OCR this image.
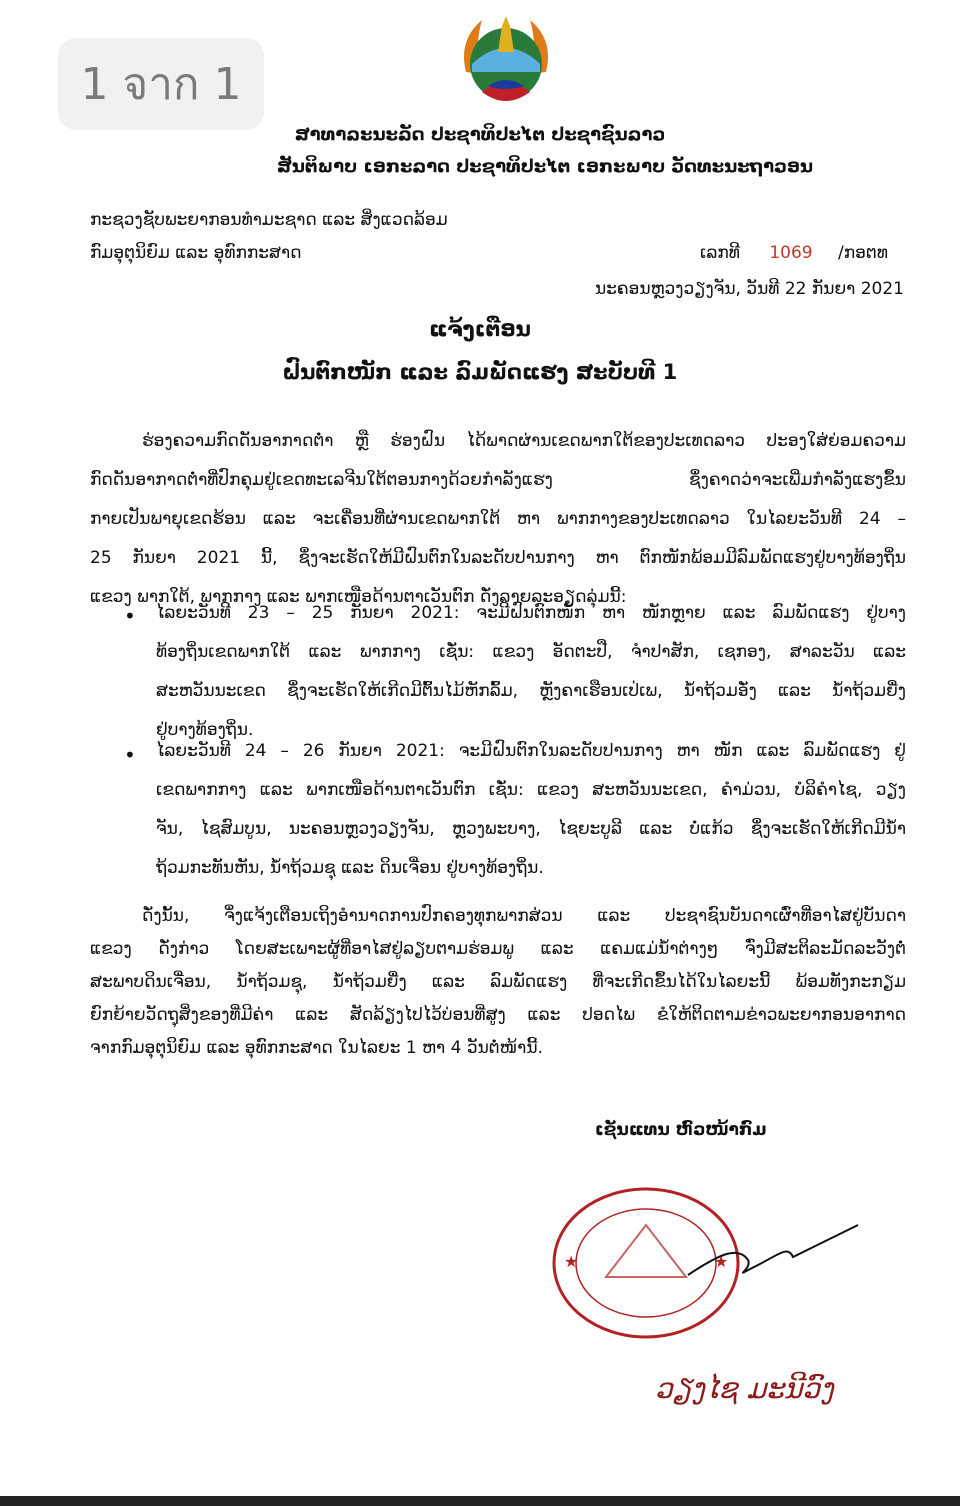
1 จาก 1
ສາທາລະນະລັດ ປະຊາທິປະໄຕ ປະຊາຊົນລາວ
ສັນຕິພາບ ເອກະລາດ ປະຊາທິປະໄຕ ເອກະພາບ ວັດທະນະຖາວອນ
ກະຊວງຊັບພະຍາກອນທຳມະຊາດ ແລະ ສິ່ງແວດລ້ອມ
ກົມອຸຕຸນິຍົມ ແລະ ອຸທົກກະສາດ	ເລກທີ 1069 /ກອຕທ
ນະຄອນຫຼວງວຽງຈັນ, ວັນທີ 22 ກັນຍາ 2021
ແຈ້ງເຕືອນ
ຝົນຕົກໜັກ ແລະ ລົມພັດແຮງ ສະບັບທີ 1
ຮ່ອງຄວາມກົດດັນອາກາດຕ່ຳ ຫຼື ຮ່ອງຝົນ ໄດ້ພາດຜ່ານເຂດພາກໃຕ້ຂອງປະເທດລາວ ປະອງໃສ່ຍ່ອມຄວາມ
ກົດດັນອາກາດຕ່ຳທີ່ປົກຄຸມຢູ່ເຂດທະເລຈີນໃຕ້ຕອນກາງດ້ວຍກຳລັງແຮງ ຊຶ່ງຄາດວ່າຈະເພີ່ມກຳລັງແຮງຂຶ້ນ
ກາຍເປັນພາຍຸເຂດຮ້ອນ ແລະ ຈະເຄື່ອນທີ່ຜ່ານເຂດພາກໃຕ້ ຫາ ພາກກາງຂອງປະເທດລາວ ໃນໄລຍະວັນທີ 24 –
25 ກັນຍາ 2021 ນີ້, ຊຶ່ງຈະເຮັດໃຫ້ມີຝົນຕົກໃນລະດັບປານກາງ ຫາ ຕົກໜັກພ້ອມມີລົມພັດແຮງຢູ່ບາງທ້ອງຖິ່ນ
ແຂວງ ພາກໃຕ້, ພາກກາງ ແລະ ພາກເໜືອດ້ານຕາເວັນຕົກ ດັ່ງລາຍລະອຽດລຸ່ມນີ້:
• ໄລຍະວັນທີ 23 – 25 ກັນຍາ 2021: ຈະມີຝົນຕົກໜັກ ຫາ ໜັກຫຼາຍ ແລະ ລົມພັດແຮງ ຢູ່ບາງ
ທ້ອງຖິ່ນເຂດພາກໃຕ້ ແລະ ພາກກາງ ເຊັ່ນ: ແຂວງ ອັດຕະປື, ຈຳປາສັກ, ເຊກອງ, ສາລະວັນ ແລະ
ສະຫວັນນະເຂດ ຊຶ່ງຈະເຮັດໃຫ້ເກີດມີຕົ້ນໄມ້ຫັກລົ້ມ, ຫຼັງຄາເຮືອນເປ່ເພ, ນ້ຳຖ້ວມອັ່ງ ແລະ ນ້ຳຖ້ວມຍື່ງ
ຢູ່ບາງທ້ອງຖິ່ນ.
• ໄລຍະວັນທີ 24 – 26 ກັນຍາ 2021: ຈະມີຝົນຕົກໃນລະດັບປານກາງ ຫາ ໜັກ ແລະ ລົມພັດແຮງ ຢູ່
ເຂດພາກກາງ ແລະ ພາກເໜືອດ້ານຕາເວັນຕົກ ເຊັ່ນ: ແຂວງ ສະຫວັນນະເຂດ, ຄຳມ່ວນ, ບໍລິຄຳໄຊ, ວຽງ
ຈັນ, ໄຊສົມບູນ, ນະຄອນຫຼວງວຽງຈັນ, ຫຼວງພະບາງ, ໄຊຍະບູລີ ແລະ ບໍ່ແກ້ວ ຊຶ່ງຈະເຮັດໃຫ້ເກີດມີນ້ຳ
ຖ້ວມກະທັນຫັນ, ນ້ຳຖ້ວມຊຸ ແລະ ດິນເຈື່ອນ ຢູ່ບາງທ້ອງຖິ່ນ.
ດັ່ງນັ້ນ, ຈຶ່ງແຈ້ງເຕືອນເຖິງອຳນາດການປົກຄອງທຸກພາກສ່ວນ ແລະ ປະຊາຊົນບັນດາເຜົ່າທີ່ອາໄສຢູ່ບັນດາ
ແຂວງ ດັ່ງກ່າວ ໂດຍສະເພາະຜູ້ທີ່ອາໄສຢູ່ລຽບຕາມຮ່ອມພູ ແລະ ແຄມແມ່ນ້ຳຕ່າງໆ ຈົ່ງມີສະຕິລະມັດລະວັງຕໍ່
ສະພາບດິນເຈື່ອນ, ນ້ຳຖ້ວມຊຸ, ນ້ຳຖ້ວມຍື່ງ ແລະ ລົມພັດແຮງ ທີ່ຈະເກີດຂຶ້ນໄດ້ໃນໄລຍະນີ້ ພ້ອມທັງກະກຽມ
ຍົກຍ້າຍວັດຖຸສິ່ງຂອງທີ່ມີຄ່າ ແລະ ສັດລ້ຽງໄປໄວ້ບ່ອນທີ່ສູງ ແລະ ປອດໄພ ຂໍໃຫ້ຕິດຕາມຂ່າວພະຍາກອນອາກາດ
ຈາກກົມອຸຕຸນິຍົມ ແລະ ອຸທົກກະສາດ ໃນໄລຍະ 1 ຫາ 4 ວັນຕໍ່ໜ້ານີ້.
ເຊັນແທນ ຫົວໜ້າກົມ
★	★
ວຽງໄຊ ມະນີວົງ
